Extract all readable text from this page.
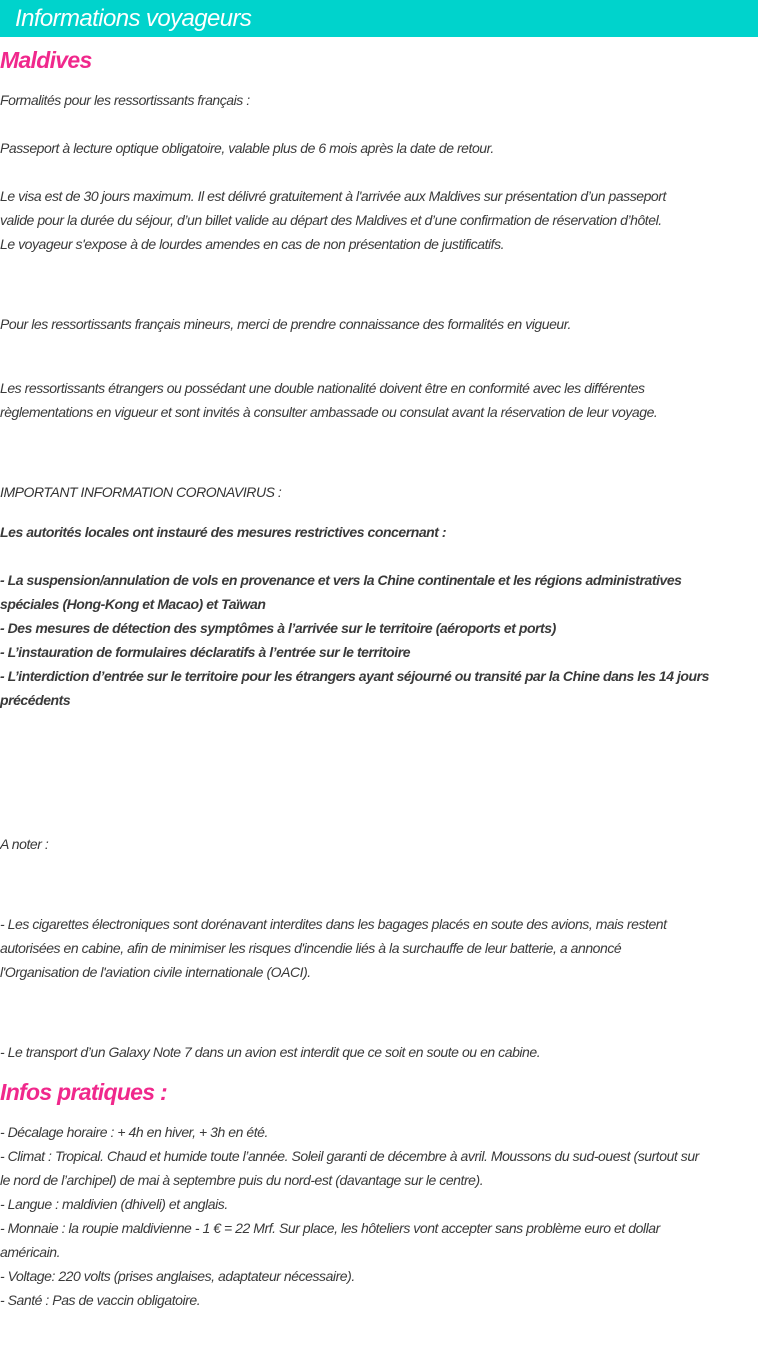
Informations voyageurs
Maldives
Formalités pour les ressortissants français :
Passeport à lecture optique obligatoire, valable plus de 6 mois après la date de retour.
Le visa est de 30 jours maximum. Il est délivré gratuitement à l'arrivée aux Maldives sur présentation d’un passeport
valide pour la durée du séjour, d’un billet valide au départ des Maldives et d’une confirmation de réservation d’hôtel.
Le voyageur s'expose à de lourdes amendes en cas de non présentation de justificatifs.
Pour les ressortissants français mineurs, merci de prendre connaissance des formalités en vigueur.
Les ressortissants étrangers ou possédant une double nationalité doivent être en conformité avec les différentes
règlementations en vigueur et sont invités à consulter ambassade ou consulat avant la réservation de leur voyage.
IMPORTANT INFORMATION CORONAVIRUS :
Les autorités locales ont instauré des mesures restrictives concernant :
- La suspension/annulation de vols en provenance et vers la Chine continentale et les régions administratives
spéciales (Hong-Kong et Macao) et Taïwan
- Des mesures de détection des symptômes à l’arrivée sur le territoire (aéroports et ports)
- L’instauration de formulaires déclaratifs à l’entrée sur le territoire
- L’interdiction d’entrée sur le territoire pour les étrangers ayant séjourné ou transité par la Chine dans les 14 jours
précédents
A noter :
- Les cigarettes électroniques sont dorénavant interdites dans les bagages placés en soute des avions, mais restent
autorisées en cabine, afin de minimiser les risques d'incendie liés à la surchauffe de leur batterie, a annoncé
l'Organisation de l'aviation civile internationale (OACI).
- Le transport d’un Galaxy Note 7 dans un avion est interdit que ce soit en soute ou en cabine.
Infos pratiques :
- Décalage horaire : + 4h en hiver, + 3h en été.
- Climat : Tropical. Chaud et humide toute l’année. Soleil garanti de décembre à avril. Moussons du sud-ouest (surtout sur
le nord de l’archipel) de mai à septembre puis du nord-est (davantage sur le centre).
- Langue : maldivien (dhiveli) et anglais.
- Monnaie : la roupie maldivienne - 1 € = 22 Mrf. Sur place, les hôteliers vont accepter sans problème euro et dollar
américain.
- Voltage: 220 volts (prises anglaises, adaptateur nécessaire).
- Santé : Pas de vaccin obligatoire.
